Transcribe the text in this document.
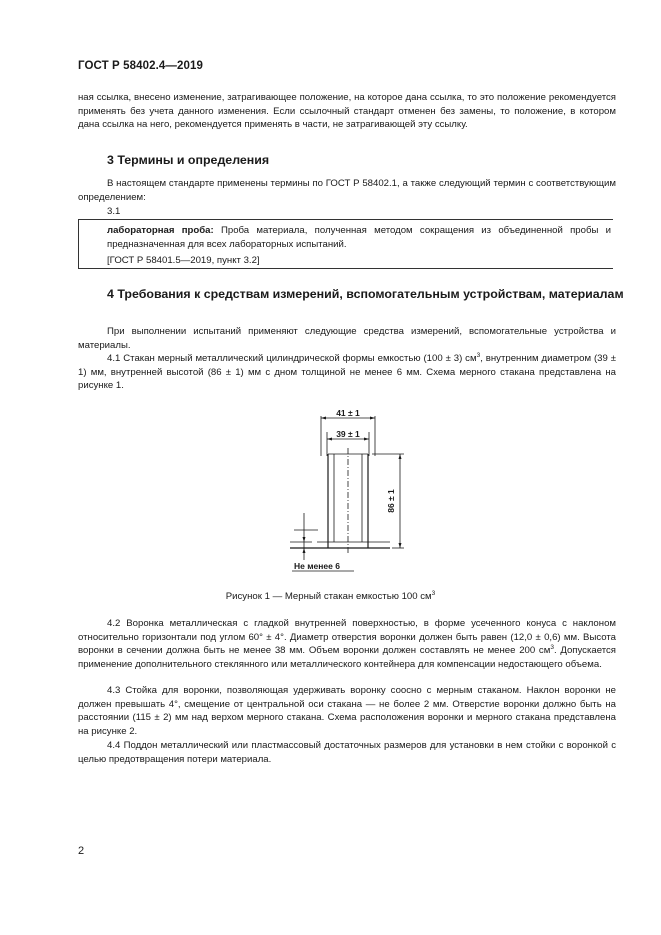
ГОСТ Р 58402.4—2019
ная ссылка, внесено изменение, затрагивающее положение, на которое дана ссылка, то это положение рекомендуется применять без учета данного изменения. Если ссылочный стандарт отменен без замены, то положение, в котором дана ссылка на него, рекомендуется применять в части, не затрагивающей эту ссылку.
3 Термины и определения
В настоящем стандарте применены термины по ГОСТ Р 58402.1, а также следующий термин с соответствующим определением:
3.1
лабораторная проба: Проба материала, полученная методом сокращения из объединенной пробы и предназначенная для всех лабораторных испытаний.
[ГОСТ Р 58401.5—2019, пункт 3.2]
4 Требования к средствам измерений, вспомогательным устройствам, материалам
При выполнении испытаний применяют следующие средства измерений, вспомогательные устройства и материалы.
4.1 Стакан мерный металлический цилиндрической формы емкостью (100 ± 3) $см^3$, внутренним диаметром (39 ± 1) мм, внутренней высотой (86 ± 1) мм с дном толщиной не менее 6 мм. Схема мерного стакана представлена на рисунке 1.
41 ± 1
39 ± 1
86 ± 1
Не менее 6
Рисунок 1 — Мерный стакан емкостью 100 $см^3$
4.2 Воронка металлическая с гладкой внутренней поверхностью, в форме усеченного конуса с наклоном относительно горизонтали под углом 60° ± 4°. Диаметр отверстия воронки должен быть равен (12,0 ± 0,6) мм. Высота воронки в сечении должна быть не менее 38 мм. Объем воронки должен составлять не менее 200 $см^3$. Допускается применение дополнительного стеклянного или металлического контейнера для компенсации недостающего объема.
4.3 Стойка для воронки, позволяющая удерживать воронку соосно с мерным стаканом. Наклон воронки не должен превышать 4°, смещение от центральной оси стакана — не более 2 мм. Отверстие воронки должно быть на расстоянии (115 ± 2) мм над верхом мерного стакана. Схема расположения воронки и мерного стакана представлена на рисунке 2.
4.4 Поддон металлический или пластмассовый достаточных размеров для установки в нем стойки с воронкой с целью предотвращения потери материала.
2
